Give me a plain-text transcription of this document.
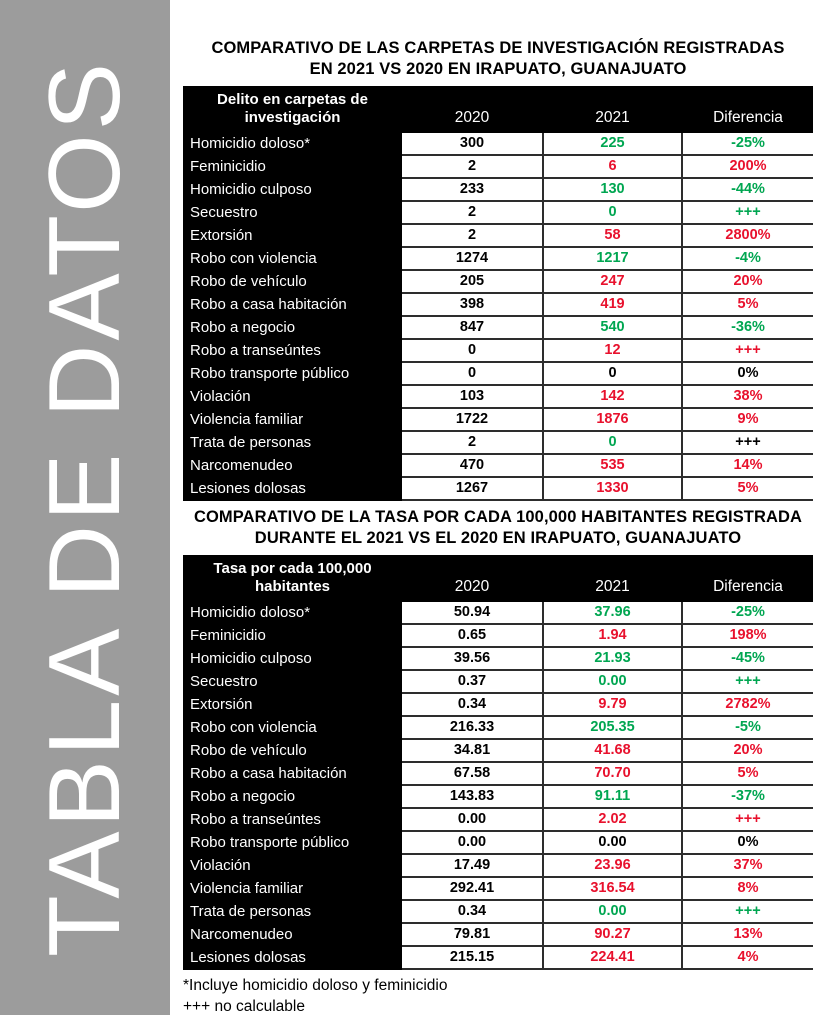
TABLA DE DATOS
COMPARATIVO DE LAS CARPETAS DE INVESTIGACIÓN REGISTRADAS
EN 2021 VS 2020 EN IRAPUATO, GUANAJUATO
Delito en carpetas de
investigación	2020	2021	Diferencia
Homicidio doloso*	300	225	-25%
Feminicidio	2	6	200%
Homicidio culposo	233	130	-44%
Secuestro	2	0	+++
Extorsión	2	58	2800%
Robo con violencia	1274	1217	-4%
Robo de vehículo	205	247	20%
Robo a casa habitación	398	419	5%
Robo a negocio	847	540	-36%
Robo a transeúntes	0	12	+++
Robo transporte público	0	0	0%
Violación	103	142	38%
Violencia familiar	1722	1876	9%
Trata de personas	2	0	+++
Narcomenudeo	470	535	14%
Lesiones dolosas	1267	1330	5%
COMPARATIVO DE LA TASA POR CADA 100,000 HABITANTES REGISTRADA
DURANTE EL 2021 VS EL 2020 EN IRAPUATO, GUANAJUATO
Tasa por cada 100,000
habitantes	2020	2021	Diferencia
Homicidio doloso*	50.94	37.96	-25%
Feminicidio	0.65	1.94	198%
Homicidio culposo	39.56	21.93	-45%
Secuestro	0.37	0.00	+++
Extorsión	0.34	9.79	2782%
Robo con violencia	216.33	205.35	-5%
Robo de vehículo	34.81	41.68	20%
Robo a casa habitación	67.58	70.70	5%
Robo a negocio	143.83	91.11	-37%
Robo a transeúntes	0.00	2.02	+++
Robo transporte público	0.00	0.00	0%
Violación	17.49	23.96	37%
Violencia familiar	292.41	316.54	8%
Trata de personas	0.34	0.00	+++
Narcomenudeo	79.81	90.27	13%
Lesiones dolosas	215.15	224.41	4%
*Incluye homicidio doloso y feminicidio
+++ no calculable
